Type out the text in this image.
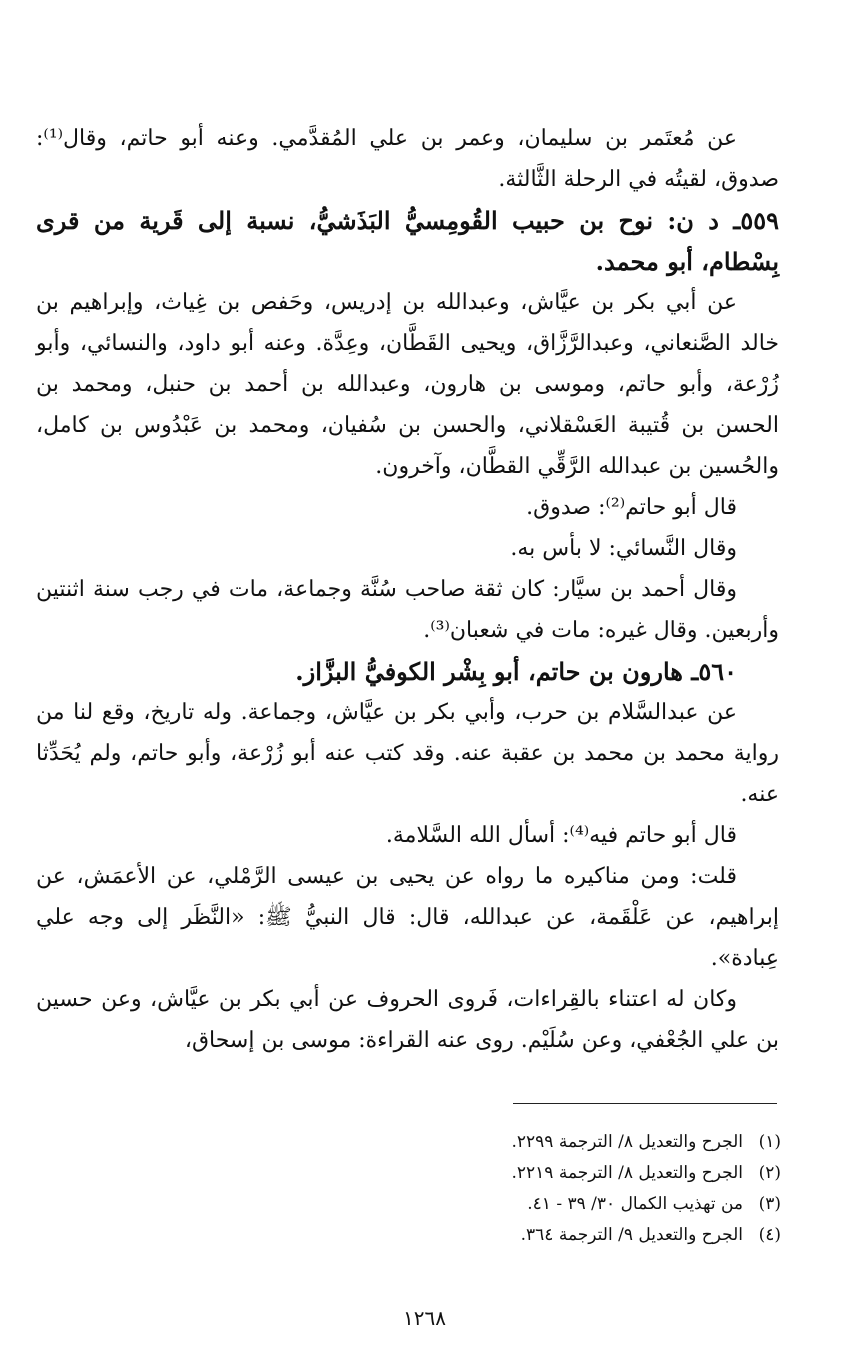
عن مُعتَمر بن سليمان، وعمر بن علي المُقدَّمي. وعنه أبو حاتم، وقال⁽¹⁾: صدوق، لقيتُه في الرحلة الثَّالثة.

٥٥٩ـ د ن: نوح بن حبيب القُومِسيُّ البَذَشيُّ، نسبة إلى قَرية من قرى بِسْطام، أبو محمد.

عن أبي بكر بن عيَّاش، وعبدالله بن إدريس، وحَفص بن غِياث، وإبراهيم بن خالد الصَّنعاني، وعبدالرَّزَّاق، ويحيى القَطَّان، وعِدَّة. وعنه أبو داود، والنسائي، وأبو زُرْعة، وأبو حاتم، وموسى بن هارون، وعبدالله بن أحمد بن حنبل، ومحمد بن الحسن بن قُتيبة العَسْقلاني، والحسن بن سُفيان، ومحمد بن عَبْدُوس بن كامل، والحُسين بن عبدالله الرَّقِّي القطَّان، وآخرون.

قال أبو حاتم⁽²⁾: صدوق.

وقال النَّسائي: لا بأس به.

وقال أحمد بن سيَّار: كان ثقة صاحب سُنَّة وجماعة، مات في رجب سنة اثنتين وأربعين. وقال غيره: مات في شعبان⁽³⁾.

٥٦٠ـ هارون بن حاتم، أبو بِشْر الكوفيُّ البزَّاز.

عن عبدالسَّلام بن حرب، وأبي بكر بن عيَّاش، وجماعة. وله تاريخ، وقع لنا من رواية محمد بن محمد بن عقبة عنه. وقد كتب عنه أبو زُرْعة، وأبو حاتم، ولم يُحَدِّثا عنه.

قال أبو حاتم فيه⁽⁴⁾: أسأل الله السَّلامة.

قلت: ومن مناكيره ما رواه عن يحيى بن عيسى الرَّمْلي، عن الأعمَش، عن إبراهيم، عن عَلْقَمة، عن عبدالله، قال: قال النبيُّ ﷺ: «النَّظَر إلى وجه علي عِبادة».

وكان له اعتناء بالقِراءات، فَروى الحروف عن أبي بكر بن عيَّاش، وعن حسين بن علي الجُعْفي، وعن سُلَيْم. روى عنه القراءة: موسى بن إسحاق،

(١)الجرح والتعديل ٨/ الترجمة ٢٢٩٩.
(٢)الجرح والتعديل ٨/ الترجمة ٢٢١٩.
(٣)من تهذيب الكمال ٣٠/ ٣٩ - ٤١.
(٤)الجرح والتعديل ٩/ الترجمة ٣٦٤.
١٢٦٨
